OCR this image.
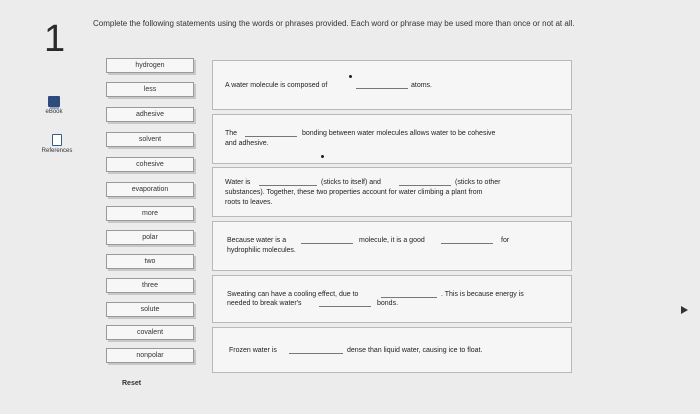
1
eBook
References
Complete the following statements using the words or phrases provided. Each word or phrase may be used more than once or not at all.
hydrogen
less
adhesive
solvent
cohesive
evaporation
more
polar
two
three
solute
covalent
nonpolar
Reset
A water molecule is composed of	atoms.
The	bonding between water molecules allows water to be cohesive
and adhesive.
Water is	(sticks to itself) and	(sticks to other
substances). Together, these two properties account for water climbing a plant from
roots to leaves.
Because water is a	molecule, it is a good	for
hydrophilic molecules.
Sweating can have a cooling effect, due to	. This is because energy is
needed to break water's	bonds.
Frozen water is	dense than liquid water, causing ice to float.
